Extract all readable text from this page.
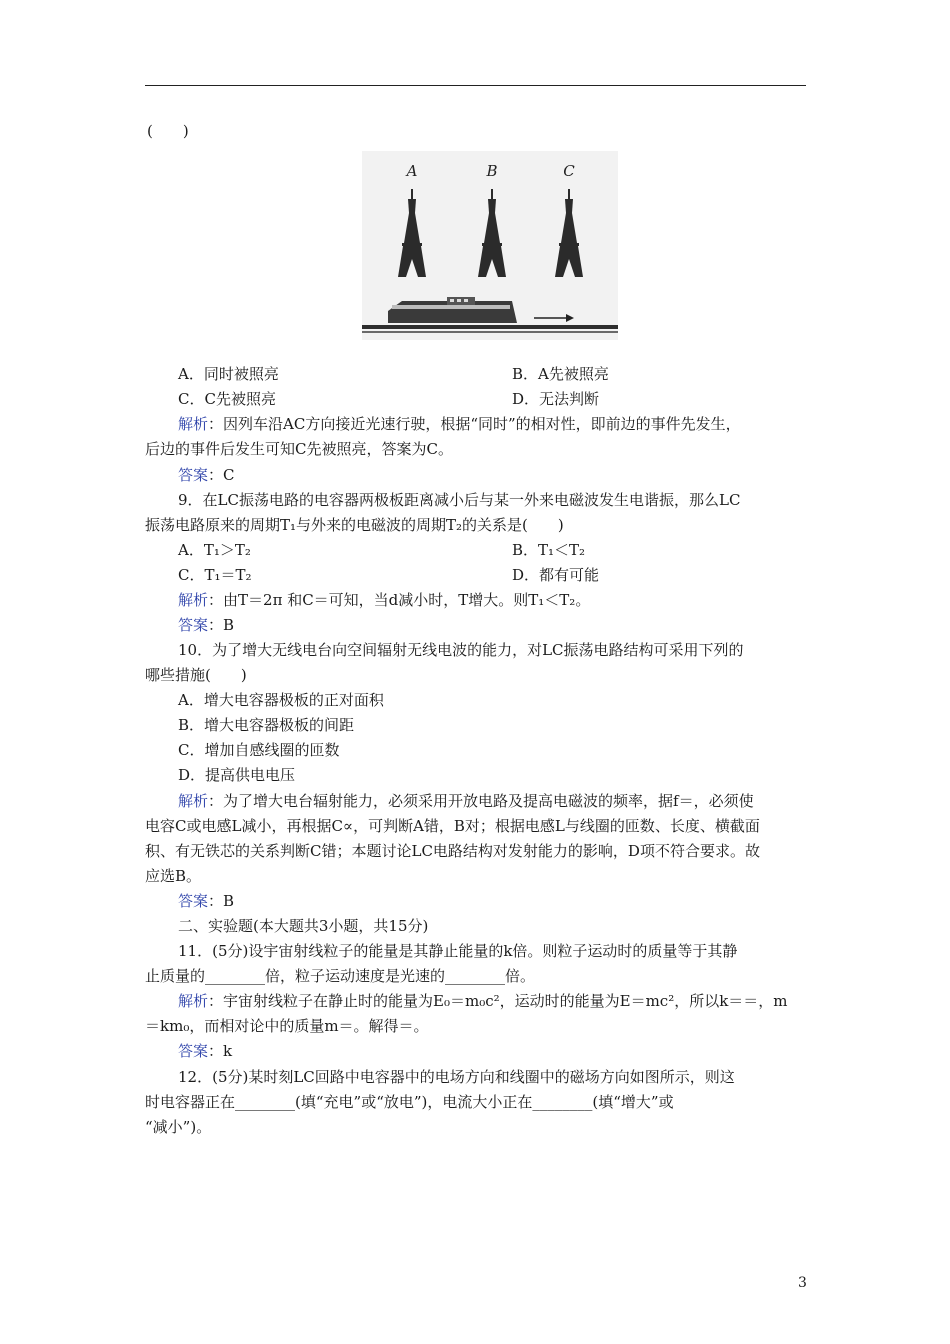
(　　)
A	B	C
A．同时被照亮	B．A先被照亮
C．C先被照亮	D．无法判断
解析：因列车沿AC方向接近光速行驶，根据“同时”的相对性，即前边的事件先发生，
后边的事件后发生可知C先被照亮，答案为C。
答案：C
9．在LC振荡电路的电容器两极板距离减小后与某一外来电磁波发生电谐振，那么LC
振荡电路原来的周期T₁与外来的电磁波的周期T₂的关系是(　　)
A．T₁＞T₂	B．T₁＜T₂
C．T₁＝T₂	D．都有可能
解析：由T＝2π 和C＝可知，当d减小时，T增大。则T₁＜T₂。
答案：B
10．为了增大无线电台向空间辐射无线电波的能力，对LC振荡电路结构可采用下列的
哪些措施(　　)
A．增大电容器极板的正对面积
B．增大电容器极板的间距
C．增加自感线圈的匝数
D．提高供电电压
解析：为了增大电台辐射能力，必须采用开放电路及提高电磁波的频率，据f＝，必须使
电容C或电感L减小，再根据C∝，可判断A错，B对；根据电感L与线圈的匝数、长度、横截面
积、有无铁芯的关系判断C错；本题讨论LC电路结构对发射能力的影响，D项不符合要求。故
应选B。
答案：B
二、实验题(本大题共3小题，共15分)
11．(5分)设宇宙射线粒子的能量是其静止能量的k倍。则粒子运动时的质量等于其静
止质量的________倍，粒子运动速度是光速的________倍。
解析：宇宙射线粒子在静止时的能量为E₀＝m₀c²，运动时的能量为E＝mc²，所以k＝＝，m
＝km₀，而相对论中的质量m＝。解得＝。
答案：k
12．(5分)某时刻LC回路中电容器中的电场方向和线圈中的磁场方向如图所示，则这
时电容器正在________(填“充电”或“放电”)，电流大小正在________(填“增大”或
“减小”)。
3
